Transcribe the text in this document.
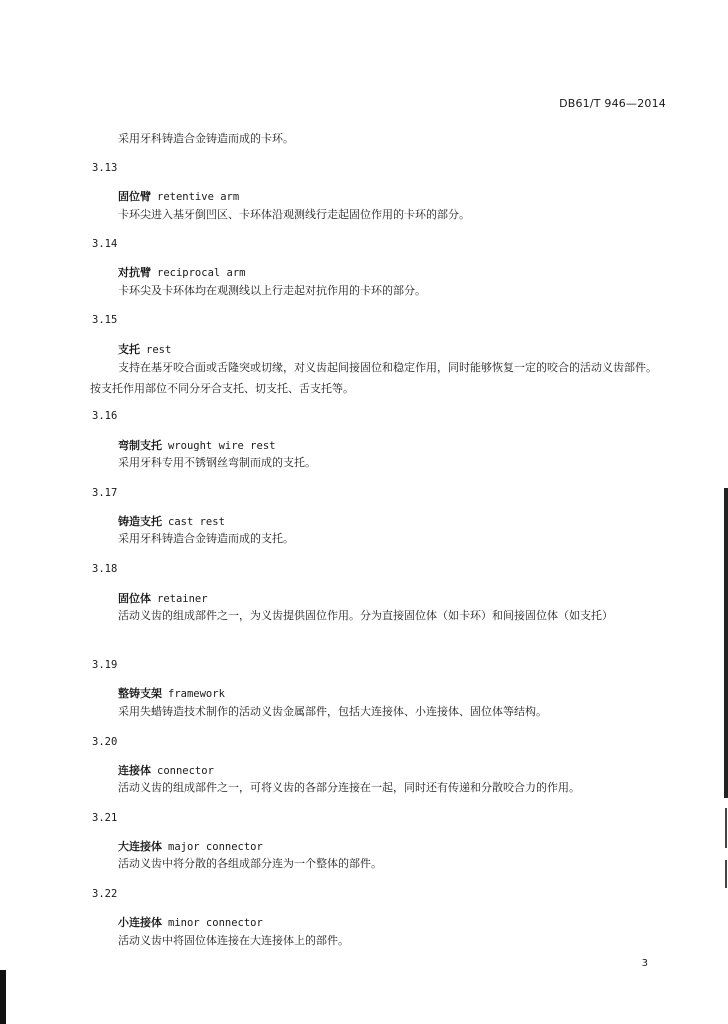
DB61/T 946—2014
采用牙科铸造合金铸造而成的卡环。
3.13
固位臂 retentive arm
卡环尖进入基牙倒凹区、卡环体沿观测线行走起固位作用的卡环的部分。
3.14
对抗臂 reciprocal arm
卡环尖及卡环体均在观测线以上行走起对抗作用的卡环的部分。
3.15
支托 rest
支持在基牙咬合面或舌隆突或切缘，对义齿起间接固位和稳定作用，同时能够恢复一定的咬合的活动义齿部件。按支托作用部位不同分牙合支托、切支托、舌支托等。
3.16
弯制支托 wrought wire rest
采用牙科专用不锈钢丝弯制而成的支托。
3.17
铸造支托 cast rest
采用牙科铸造合金铸造而成的支托。
3.18
固位体 retainer
活动义齿的组成部件之一，为义齿提供固位作用。分为直接固位体（如卡环）和间接固位体（如支托）
3.19
整铸支架 framework
采用失蜡铸造技术制作的活动义齿金属部件，包括大连接体、小连接体、固位体等结构。
3.20
连接体 connector
活动义齿的组成部件之一，可将义齿的各部分连接在一起，同时还有传递和分散咬合力的作用。
3.21
大连接体 major connector
活动义齿中将分散的各组成部分连为一个整体的部件。
3.22
小连接体 minor connector
活动义齿中将固位体连接在大连接体上的部件。
3
